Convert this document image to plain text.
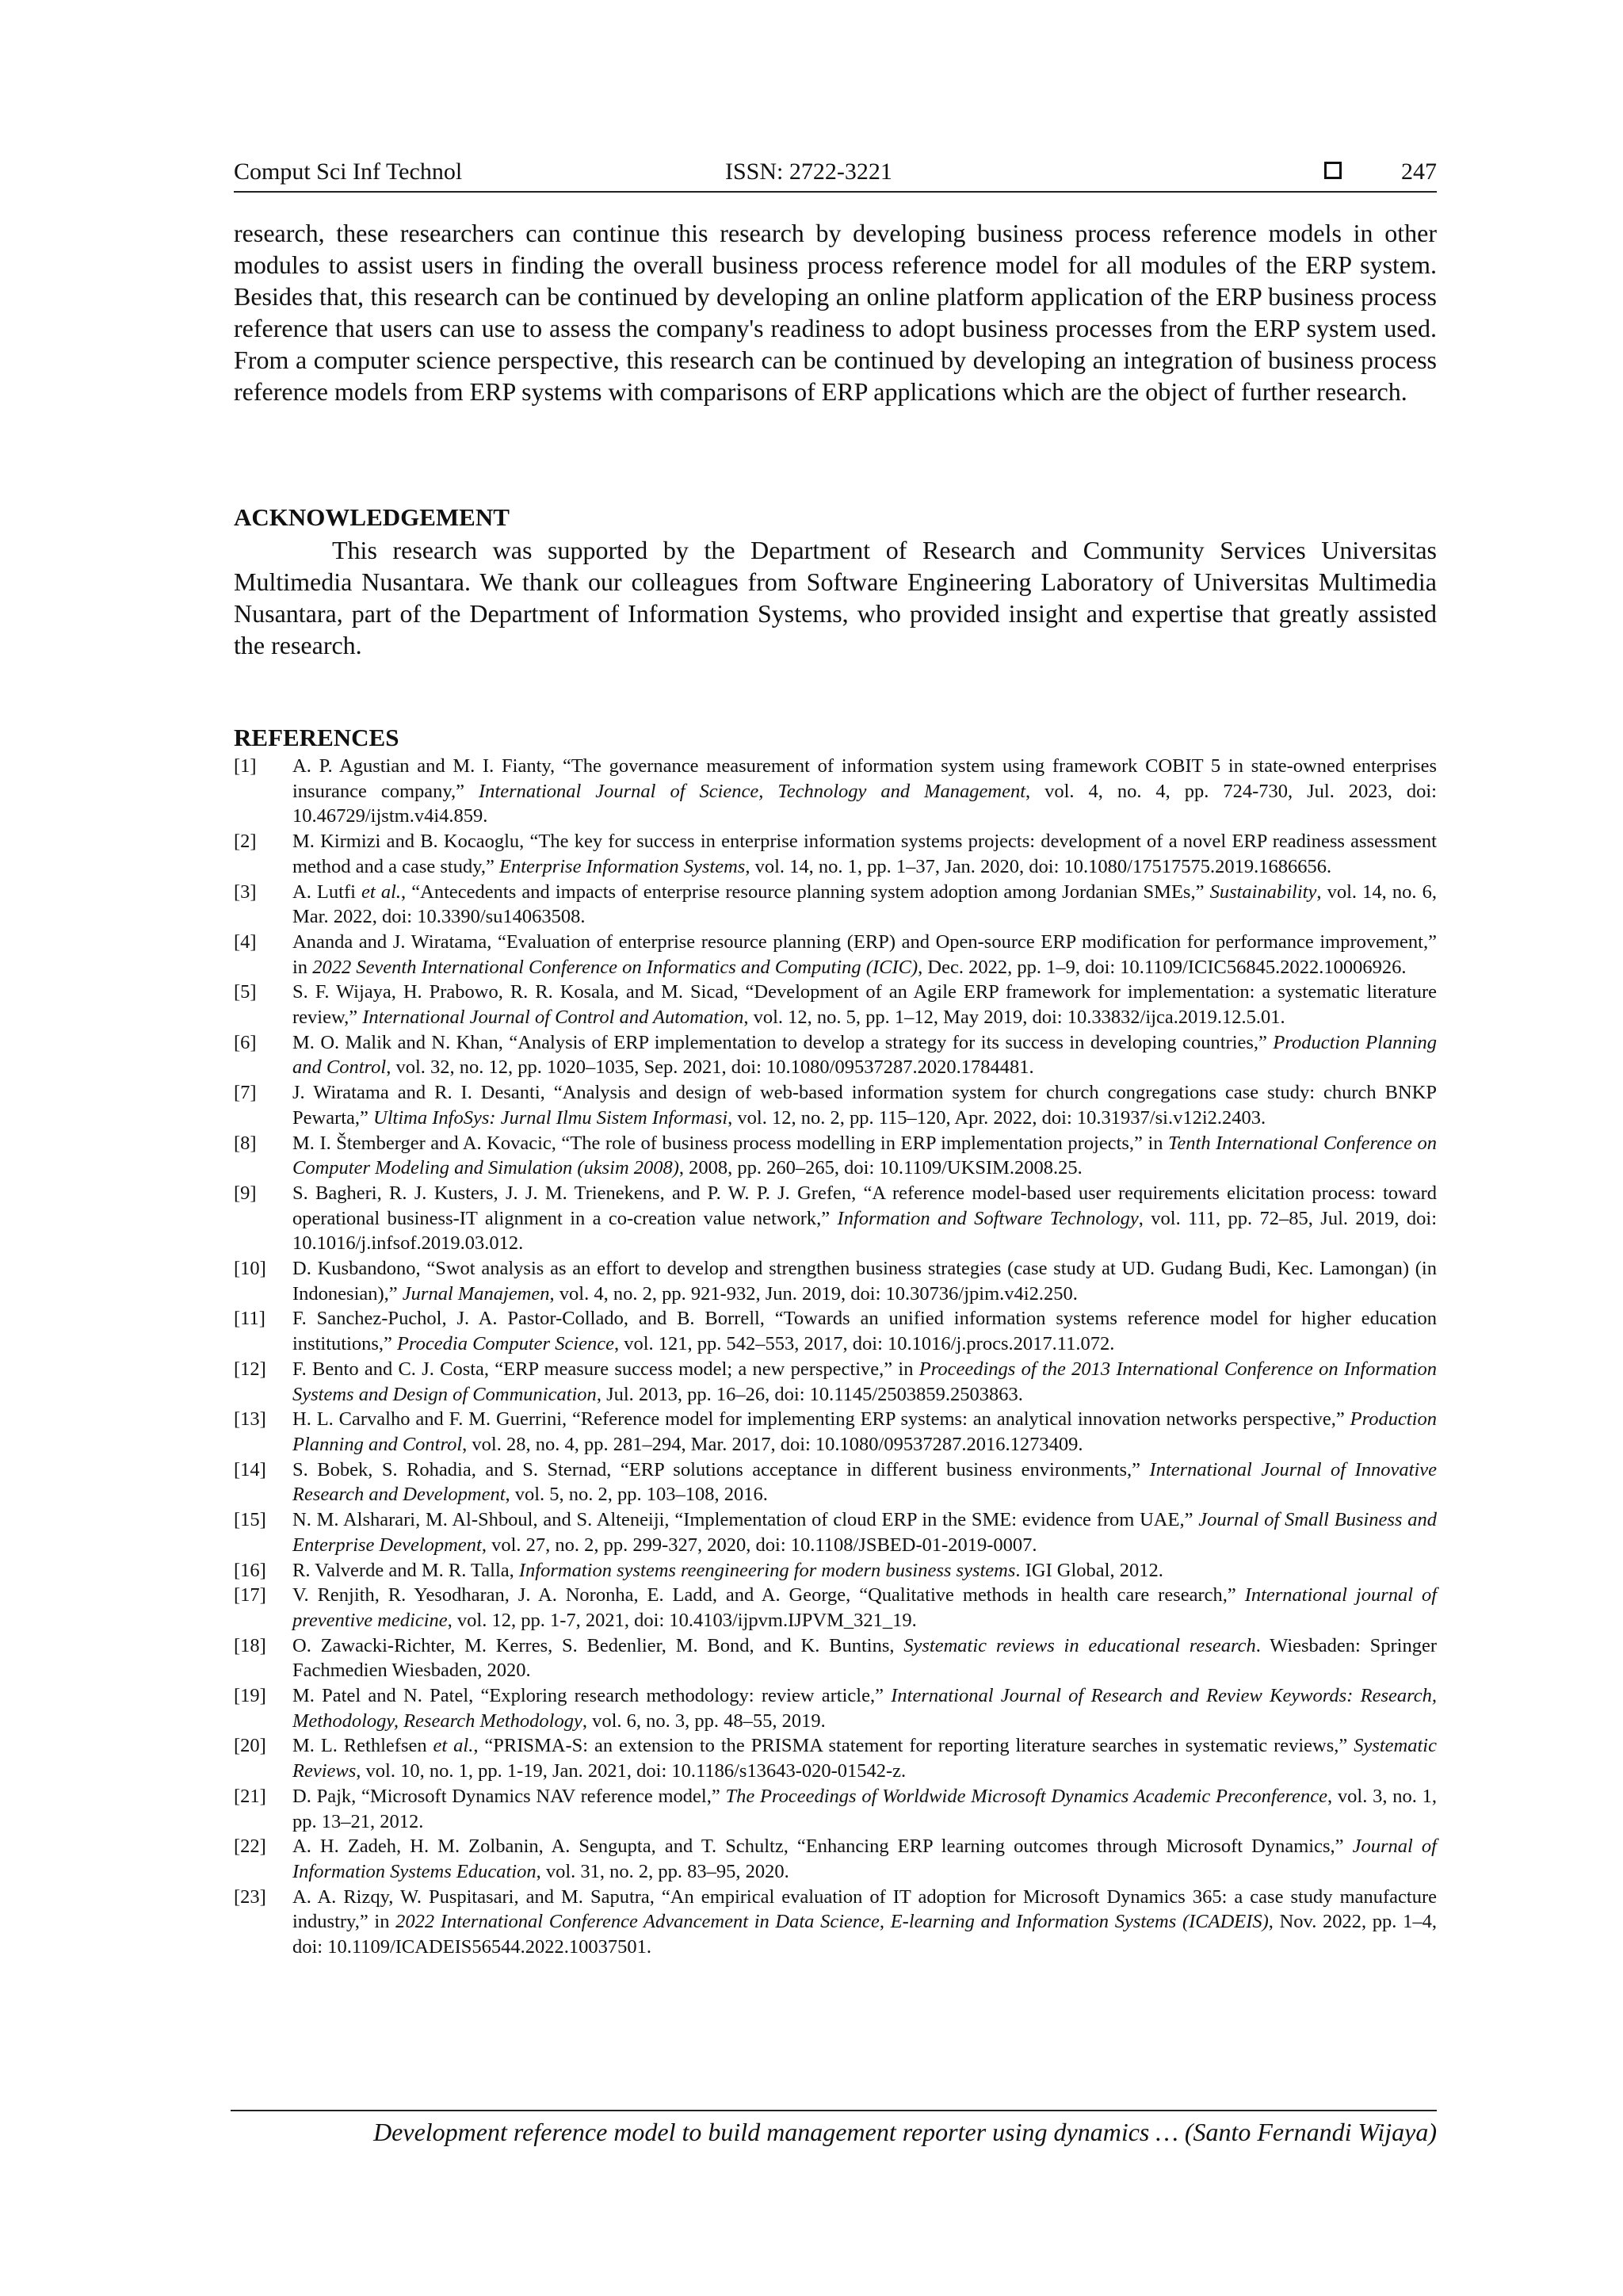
Comput Sci Inf Technol	ISSN: 2722-3221	247

research, these researchers can continue this research by developing business process reference models in other modules to assist users in finding the overall business process reference model for all modules of the ERP system. Besides that, this research can be continued by developing an online platform application of the ERP business process reference that users can use to assess the company's readiness to adopt business processes from the ERP system used. From a computer science perspective, this research can be continued by developing an integration of business process reference models from ERP systems with comparisons of ERP applications which are the object of further research.

ACKNOWLEDGEMENT

This research was supported by the Department of Research and Community Services Universitas Multimedia Nusantara. We thank our colleagues from Software Engineering Laboratory of Universitas Multimedia Nusantara, part of the Department of Information Systems, who provided insight and expertise that greatly assisted the research.

REFERENCES
[1] A. P. Agustian and M. I. Fianty, “The governance measurement of information system using framework COBIT 5 in state-owned enterprises insurance company,” International Journal of Science, Technology and Management, vol. 4, no. 4, pp. 724-730, Jul. 2023, doi: 10.46729/ijstm.v4i4.859.
[2] M. Kirmizi and B. Kocaoglu, “The key for success in enterprise information systems projects: development of a novel ERP readiness assessment method and a case study,” Enterprise Information Systems, vol. 14, no. 1, pp. 1–37, Jan. 2020, doi: 10.1080/17517575.2019.1686656.
[3] A. Lutfi et al., “Antecedents and impacts of enterprise resource planning system adoption among Jordanian SMEs,” Sustainability, vol. 14, no. 6, Mar. 2022, doi: 10.3390/su14063508.
[4] Ananda and J. Wiratama, “Evaluation of enterprise resource planning (ERP) and Open-source ERP modification for performance improvement,” in 2022 Seventh International Conference on Informatics and Computing (ICIC), Dec. 2022, pp. 1–9, doi: 10.1109/ICIC56845.2022.10006926.
[5] S. F. Wijaya, H. Prabowo, R. R. Kosala, and M. Sicad, “Development of an Agile ERP framework for implementation: a systematic literature review,” International Journal of Control and Automation, vol. 12, no. 5, pp. 1–12, May 2019, doi: 10.33832/ijca.2019.12.5.01.
[6] M. O. Malik and N. Khan, “Analysis of ERP implementation to develop a strategy for its success in developing countries,” Production Planning and Control, vol. 32, no. 12, pp. 1020–1035, Sep. 2021, doi: 10.1080/09537287.2020.1784481.
[7] J. Wiratama and R. I. Desanti, “Analysis and design of web-based information system for church congregations case study: church BNKP Pewarta,” Ultima InfoSys: Jurnal Ilmu Sistem Informasi, vol. 12, no. 2, pp. 115–120, Apr. 2022, doi: 10.31937/si.v12i2.2403.
[8] M. I. Štemberger and A. Kovacic, “The role of business process modelling in ERP implementation projects,” in Tenth International Conference on Computer Modeling and Simulation (uksim 2008), 2008, pp. 260–265, doi: 10.1109/UKSIM.2008.25.
[9] S. Bagheri, R. J. Kusters, J. J. M. Trienekens, and P. W. P. J. Grefen, “A reference model-based user requirements elicitation process: toward operational business-IT alignment in a co-creation value network,” Information and Software Technology, vol. 111, pp. 72–85, Jul. 2019, doi: 10.1016/j.infsof.2019.03.012.
[10] D. Kusbandono, “Swot analysis as an effort to develop and strengthen business strategies (case study at UD. Gudang Budi, Kec. Lamongan) (in Indonesian),” Jurnal Manajemen, vol. 4, no. 2, pp. 921-932, Jun. 2019, doi: 10.30736/jpim.v4i2.250.
[11] F. Sanchez-Puchol, J. A. Pastor-Collado, and B. Borrell, “Towards an unified information systems reference model for higher education institutions,” Procedia Computer Science, vol. 121, pp. 542–553, 2017, doi: 10.1016/j.procs.2017.11.072.
[12] F. Bento and C. J. Costa, “ERP measure success model; a new perspective,” in Proceedings of the 2013 International Conference on Information Systems and Design of Communication, Jul. 2013, pp. 16–26, doi: 10.1145/2503859.2503863.
[13] H. L. Carvalho and F. M. Guerrini, “Reference model for implementing ERP systems: an analytical innovation networks perspective,” Production Planning and Control, vol. 28, no. 4, pp. 281–294, Mar. 2017, doi: 10.1080/09537287.2016.1273409.
[14] S. Bobek, S. Rohadia, and S. Sternad, “ERP solutions acceptance in different business environments,” International Journal of Innovative Research and Development, vol. 5, no. 2, pp. 103–108, 2016.
[15] N. M. Alsharari, M. Al-Shboul, and S. Alteneiji, “Implementation of cloud ERP in the SME: evidence from UAE,” Journal of Small Business and Enterprise Development, vol. 27, no. 2, pp. 299-327, 2020, doi: 10.1108/JSBED-01-2019-0007.
[16] R. Valverde and M. R. Talla, Information systems reengineering for modern business systems. IGI Global, 2012.
[17] V. Renjith, R. Yesodharan, J. A. Noronha, E. Ladd, and A. George, “Qualitative methods in health care research,” International journal of preventive medicine, vol. 12, pp. 1-7, 2021, doi: 10.4103/ijpvm.IJPVM_321_19.
[18] O. Zawacki-Richter, M. Kerres, S. Bedenlier, M. Bond, and K. Buntins, Systematic reviews in educational research. Wiesbaden: Springer Fachmedien Wiesbaden, 2020.
[19] M. Patel and N. Patel, “Exploring research methodology: review article,” International Journal of Research and Review Keywords: Research, Methodology, Research Methodology, vol. 6, no. 3, pp. 48–55, 2019.
[20] M. L. Rethlefsen et al., “PRISMA-S: an extension to the PRISMA statement for reporting literature searches in systematic reviews,” Systematic Reviews, vol. 10, no. 1, pp. 1-19, Jan. 2021, doi: 10.1186/s13643-020-01542-z.
[21] D. Pajk, “Microsoft Dynamics NAV reference model,” The Proceedings of Worldwide Microsoft Dynamics Academic Preconference, vol. 3, no. 1, pp. 13–21, 2012.
[22] A. H. Zadeh, H. M. Zolbanin, A. Sengupta, and T. Schultz, “Enhancing ERP learning outcomes through Microsoft Dynamics,” Journal of Information Systems Education, vol. 31, no. 2, pp. 83–95, 2020.
[23] A. A. Rizqy, W. Puspitasari, and M. Saputra, “An empirical evaluation of IT adoption for Microsoft Dynamics 365: a case study manufacture industry,” in 2022 International Conference Advancement in Data Science, E-learning and Information Systems (ICADEIS), Nov. 2022, pp. 1–4, doi: 10.1109/ICADEIS56544.2022.10037501.
Development reference model to build management reporter using dynamics … (Santo Fernandi Wijaya)
